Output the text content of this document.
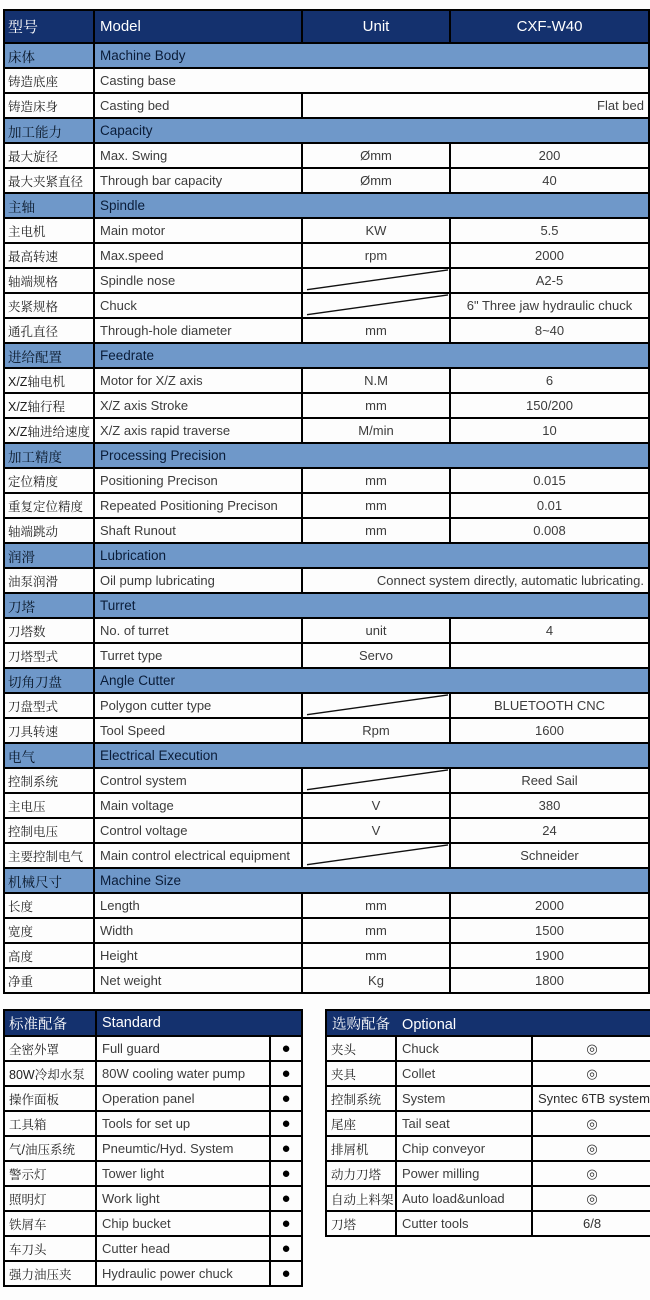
型号	Model	Unit	CXF-W40
床体	Machine Body		
铸造底座	Casting base		
铸造床身	Casting bed	Flat bed	
加工能力	Capacity		
最大旋径	Max. Swing	Ømm	200
最大夹紧直径	Through bar capacity	Ømm	40
主轴	Spindle		
主电机	Main motor	KW	5.5
最高转速	Max.speed	rpm	2000
轴端规格	Spindle nose		A2-5
夹紧规格	Chuck		6" Three jaw hydraulic chuck
通孔直径	Through-hole diameter	mm	8~40
进给配置	Feedrate		
X/Z轴电机	Motor for X/Z axis	N.M	6
X/Z轴行程	X/Z axis Stroke	mm	150/200
X/Z轴进给速度	X/Z axis rapid traverse	M/min	10
加工精度	Processing Precision		
定位精度	Positioning Precison	mm	0.015
重复定位精度	Repeated Positioning Precison	mm	0.01
轴端跳动	Shaft Runout	mm	0.008
润滑	Lubrication		
油泵润滑	Oil pump lubricating	Connect system directly, automatic lubricating.	
刀塔	Turret		
刀塔数	No. of turret	unit	4
刀塔型式	Turret type	Servo	
切角刀盘	Angle Cutter		
刀盘型式	Polygon cutter type		BLUETOOTH CNC
刀具转速	Tool Speed	Rpm	1600
电气	Electrical Execution		
控制系统	Control system		Reed Sail
主电压	Main voltage	V	380
控制电压	Control voltage	V	24
主要控制电气	Main control electrical equipment		Schneider
机械尺寸	Machine Size		
长度	Length	mm	2000
宽度	Width	mm	1500
高度	Height	mm	1900
净重	Net weight	Kg	1800
标准配备	Standard	
全密外罩	Full guard	●
80W冷却水泵	80W cooling water pump	●
操作面板	Operation panel	●
工具箱	Tools for set up	●
气/油压系统	Pneumtic/Hyd. System	●
警示灯	Tower light	●
照明灯	Work light	●
铁屑车	Chip bucket	●
车刀头	Cutter head	●
强力油压夹	Hydraulic power chuck	●
选购配备 Optional		
夹头	Chuck	◎
夹具	Collet	◎
控制系统	System	Syntec 6TB system
尾座	Tail seat	◎
排屑机	Chip conveyor	◎
动力刀塔	Power milling	◎
自动上料架	Auto load&unload	◎
刀塔	Cutter tools	6/8
